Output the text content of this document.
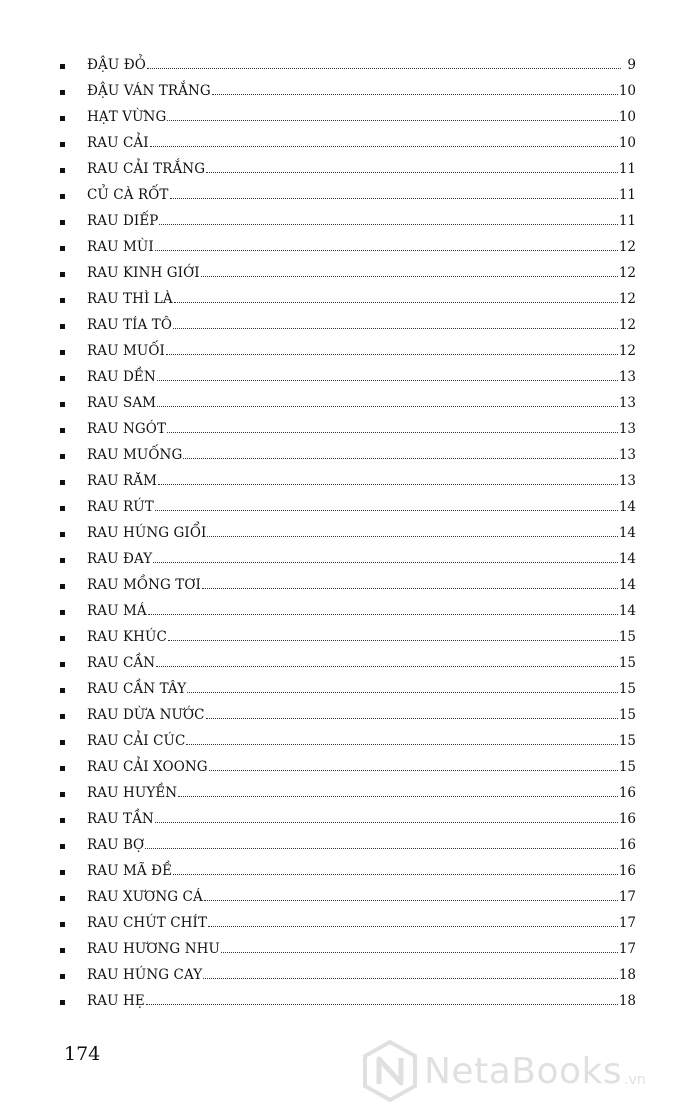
ĐẬU ĐỎ	9
ĐẬU VÁN TRẮNG	10
HẠT VỪNG	10
RAU CẢI	10
RAU CẢI TRẮNG	11
CỦ CÀ RỐT	11
RAU DIẾP	11
RAU MÙI	12
RAU KINH GIỚI	12
RAU THÌ LÀ	12
RAU TÍA TÔ	12
RAU MUỐI	12
RAU DỀN	13
RAU SAM	13
RAU NGÓT	13
RAU MUỐNG	13
RAU RĂM	13
RAU RÚT	14
RAU HÚNG GIỔI	14
RAU ĐAY	14
RAU MỒNG TƠI	14
RAU MÁ	14
RAU KHÚC	15
RAU CẦN	15
RAU CẦN TÂY	15
RAU DỪA NƯỚC	15
RAU CẢI CÚC	15
RAU CẢI XOONG	15
RAU HUYỀN	16
RAU TẦN	16
RAU BỢ	16
RAU MÃ ĐỀ	16
RAU XƯƠNG CÁ	17
RAU CHÚT CHÍT	17
RAU HƯƠNG NHU	17
RAU HÚNG CAY	18
RAU HẸ	18
174	NetaBooks .vn
